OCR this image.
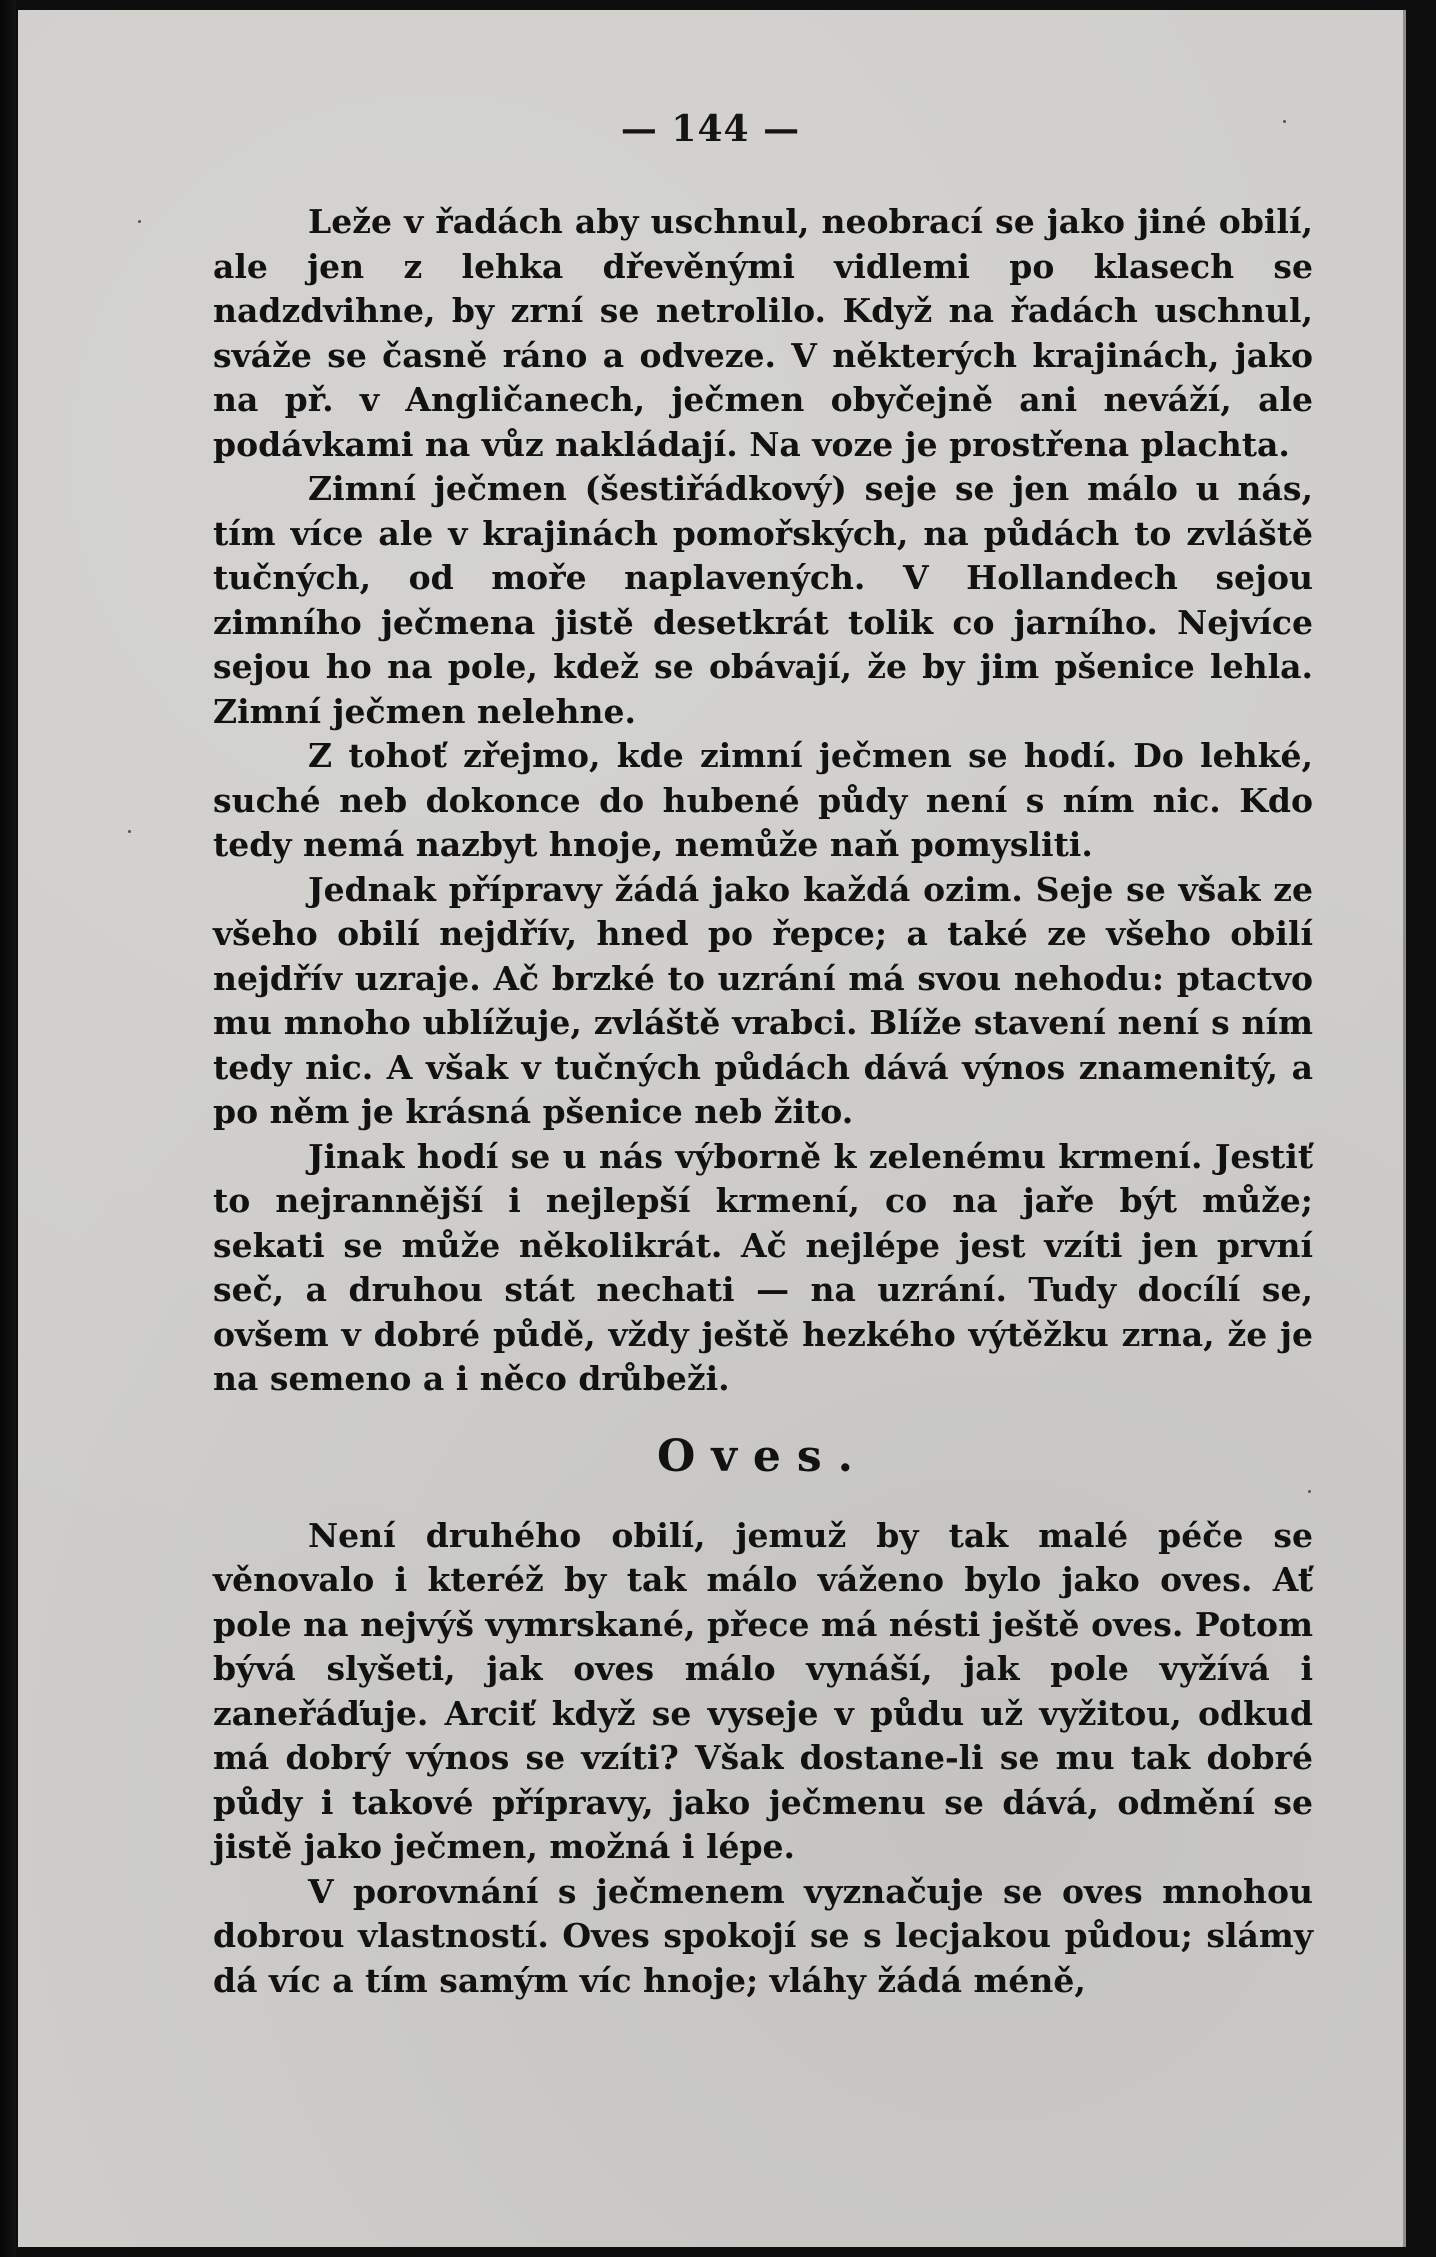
— 144 —

Leže v řadách aby uschnul, neobrací se jako jiné obilí, ale jen z lehka dřevěnými vidlemi po klasech se nadzdvihne, by zrní se netrolilo. Když na řadách uschnul, sváže se časně ráno a odveze. V některých krajinách, jako na př. v Angličanech, ječmen obyčejně ani neváží, ale podávkami na vůz nakládají. Na voze je prostřena plachta.

Zimní ječmen (šestiřádkový) seje se jen málo u nás, tím více ale v krajinách pomořských, na půdách to zvláště tučných, od moře naplavených. V Hollandech sejou zimního ječmena jistě desetkrát tolik co jarního. Nejvíce sejou ho na pole, kdež se obávají, že by jim pšenice lehla. Zimní ječmen nelehne.

Z tohoť zřejmo, kde zimní ječmen se hodí. Do lehké, suché neb dokonce do hubené půdy není s ním nic. Kdo tedy nemá nazbyt hnoje, nemůže naň pomysliti.

Jednak přípravy žádá jako každá ozim. Seje se však ze všeho obilí nejdřív, hned po řepce; a také ze všeho obilí nejdřív uzraje. Ač brzké to uzrání má svou nehodu: ptactvo mu mnoho ublížuje, zvláště vrabci. Blíže stavení není s ním tedy nic. A však v tučných půdách dává výnos znamenitý, a po něm je krásná pšenice neb žito.

Jinak hodí se u nás výborně k zelenému krmení. Jestiť to nejrannější i nejlepší krmení, co na jaře být může; sekati se může několikrát. Ač nejlépe jest vzíti jen první seč, a druhou stát nechati — na uzrání. Tudy docílí se, ovšem v dobré půdě, vždy ještě hezkého výtěžku zrna, že je na semeno a i něco drůbeži.

Oves.

Není druhého obilí, jemuž by tak malé péče se věnovalo i kteréž by tak málo váženo bylo jako oves. Ať pole na nejvýš vymrskané, přece má nésti ještě oves. Potom bývá slyšeti, jak oves málo vynáší, jak pole vyžívá i zaneřáďuje. Arciť když se vyseje v půdu už vyžitou, odkud má dobrý výnos se vzíti? Však dostane-li se mu tak dobré půdy i takové přípravy, jako ječmenu se dává, odmění se jistě jako ječmen, možná i lépe.

V porovnání s ječmenem vyznačuje se oves mnohou dobrou vlastností. Oves spokojí se s lecjakou půdou; slámy dá víc a tím samým víc hnoje; vláhy žádá méně,
